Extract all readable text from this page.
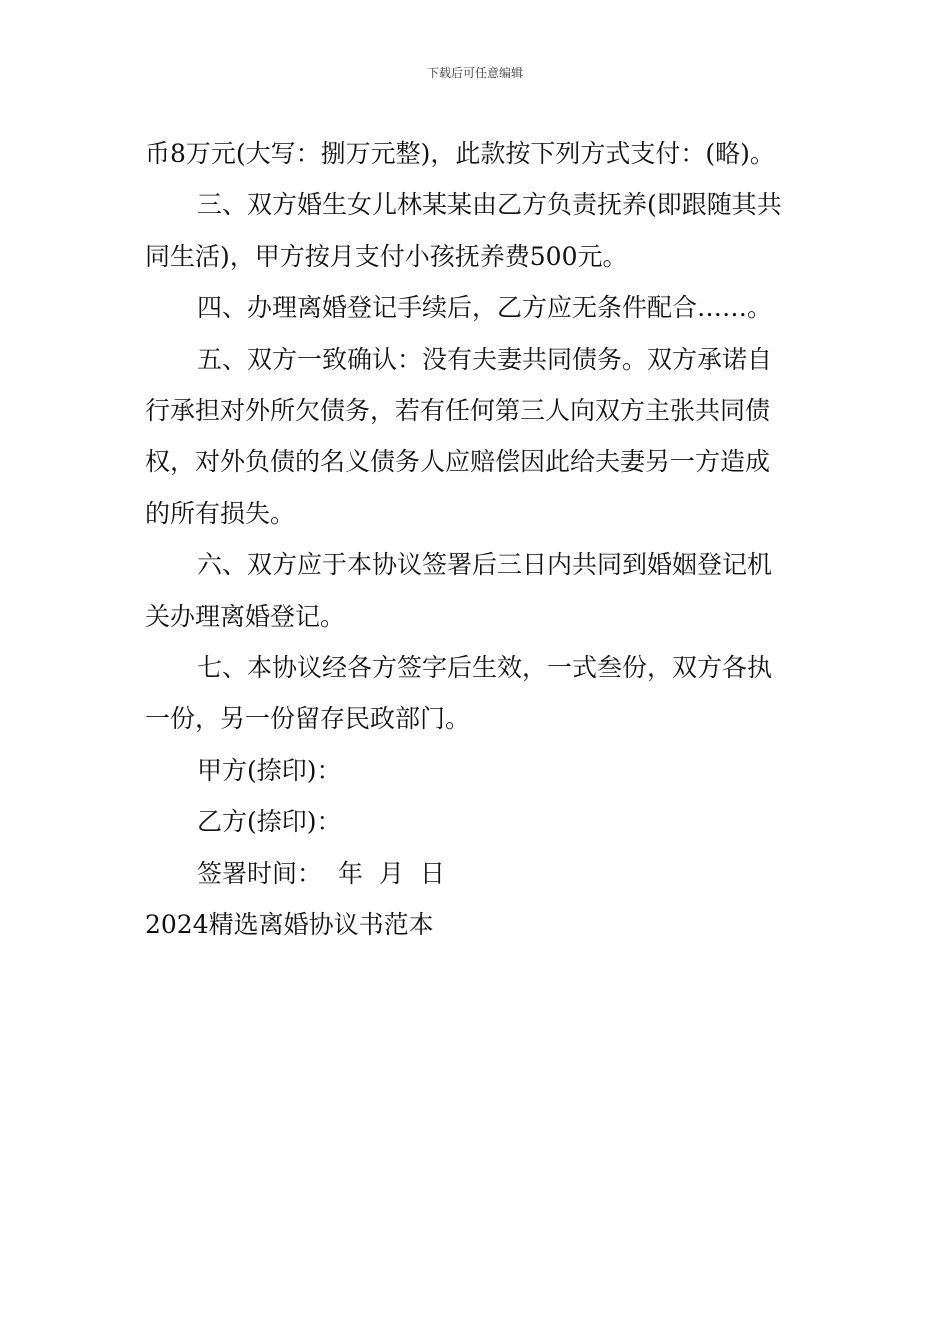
下载后可任意编辑
币8万元(大写：捌万元整)，此款按下列方式支付：(略)。
三、双方婚生女儿林某某由乙方负责抚养(即跟随其共
同生活)，甲方按月支付小孩抚养费500元。
四、办理离婚登记手续后，乙方应无条件配合……。
五、双方一致确认：没有夫妻共同债务。双方承诺自
行承担对外所欠债务，若有任何第三人向双方主张共同债
权，对外负债的名义债务人应赔偿因此给夫妻另一方造成
的所有损失。
六、双方应于本协议签署后三日内共同到婚姻登记机
关办理离婚登记。
七、本协议经各方签字后生效，一式叁份，双方各执
一份，另一份留存民政部门。
甲方(捺印)：
乙方(捺印)：
签署时间： 年 月 日
2024精选离婚协议书范本
